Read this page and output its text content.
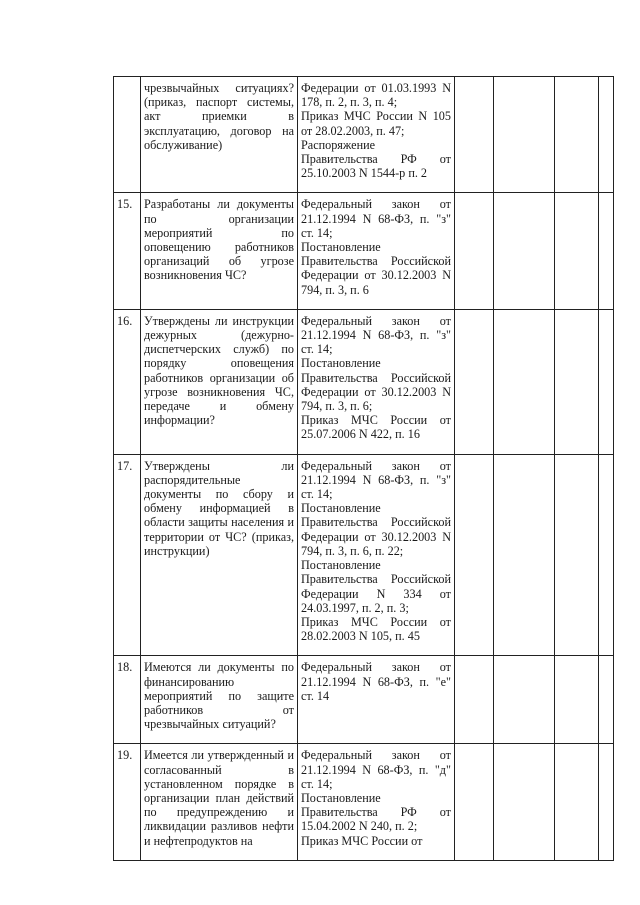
	чрезвычайных ситуациях? (приказ, паспорт системы, акт приемки в эксплуатацию, договор на обслуживание)	Федерации от 01.03.1993 N 178, п. 2, п. 3, п. 4;
Приказ МЧС России N 105 от 28.02.2003, п. 47;
Распоряжение Правительства РФ от 25.10.2003 N 1544-р п. 2				

15.	Разработаны ли документы по организации мероприятий по оповещению работников организаций об угрозе возникновения ЧС?	Федеральный закон от 21.12.1994 N 68-ФЗ, п. "з" ст. 14;
Постановление Правительства Российской Федерации от 30.12.2003 N 794, п. 3, п. 6				

16.	Утверждены ли инструкции дежурных (дежурно-диспетчерских служб) по порядку оповещения работников организации об угрозе возникновения ЧС, передаче и обмену информации?	Федеральный закон от 21.12.1994 N 68-ФЗ, п. "з" ст. 14;
Постановление Правительства Российской Федерации от 30.12.2003 N 794, п. 3, п. 6;
Приказ МЧС России от 25.07.2006 N 422, п. 16				

17.	Утверждены ли распорядительные документы по сбору и обмену информацией в области защиты населения и территории от ЧС? (приказ, инструкции)	Федеральный закон от 21.12.1994 N 68-ФЗ, п. "з" ст. 14;
Постановление Правительства Российской Федерации от 30.12.2003 N 794, п. 3, п. 6, п. 22;
Постановление Правительства Российской Федерации N 334 от 24.03.1997, п. 2, п. 3;
Приказ МЧС России от 28.02.2003 N 105, п. 45				

18.	Имеются ли документы по финансированию мероприятий по защите работников от чрезвычайных ситуаций?	Федеральный закон от 21.12.1994 N 68-ФЗ, п. "е" ст. 14				

19.	Имеется ли утвержденный и согласованный в установленном порядке в организации план действий по предупреждению и ликвидации разливов нефти и нефтепродуктов на	Федеральный закон от 21.12.1994 N 68-ФЗ, п. "д" ст. 14;
Постановление Правительства РФ от 15.04.2002 N 240, п. 2;
Приказ МЧС России от				
